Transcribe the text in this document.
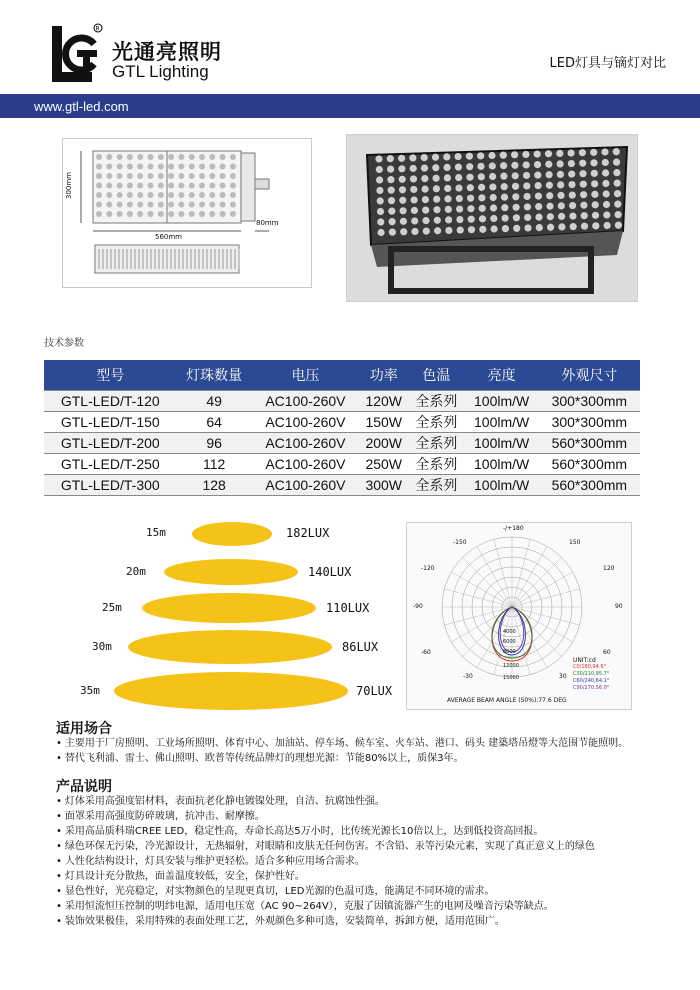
R
光通亮照明
GTL Lighting	LED灯具与镝灯对比
www.gtl-led.com
300mm
560mm
80mm
技术参数
型号	灯珠数量	电压	功率	色温	亮度	外观尺寸
GTL-LED/T-120	49	AC100-260V	120W	全系列	100lm/W	300*300mm
GTL-LED/T-150	64	AC100-260V	150W	全系列	100lm/W	300*300mm
GTL-LED/T-200	96	AC100-260V	200W	全系列	100lm/W	560*300mm
GTL-LED/T-250	112	AC100-260V	250W	全系列	100lm/W	560*300mm
GTL-LED/T-300	128	AC100-260V	300W	全系列	100lm/W	560*300mm
15m	182LUX
20m	140LUX
25m	110LUX
30m	86LUX
35m	70LUX
-/+180
-150	150
-120	120
-90	90
-60	60
-30	30
4000
6000
8000
12000
15000
UNIT:cd
C0/180,94.6°
C30/210,95.7°
C60/240,64.1°
C90/270,56.0°
AVERAGE BEAM ANGLE (50%):77.6 DEG
适用场合
• 主要用于厂房照明、工业场所照明、体育中心、加油站、停车场、候车室、火车站、港口、码头 建築塔吊燈等大范围节能照明。
• 替代飞利浦、雷士、佛山照明、欧普等传统品牌灯的理想光源：节能80%以上，质保3年。
产品说明
• 灯体采用高强度铝材料，表面抗老化静电镀镍处理，自洁、抗腐蚀性强。
• 面罩采用高强度防碎玻璃，抗冲击、耐摩擦。
• 采用高品质科瑞CREE LED，稳定性高，寿命长高达5万小时，比传统光源长10倍以上，达到低投资高回报。
• 绿色环保无污染，冷光源设计，无热辐射，对眼睛和皮肤无任何伤害。不含铅、汞等污染元素，实现了真正意义上的绿色
• 人性化结构设计，灯具安装与维护更轻松。适合多种应用场合需求。
• 灯具设计充分散热，面盖温度较低，安全，保护性好。
• 显色性好，光亮稳定，对实物颜色的呈现更真切，LED光源的色温可选，能满足不同环境的需求。
• 采用恒流恒压控制的明纬电源，适用电压宽（AC 90~264V），克服了因镇流器产生的电网及噪音污染等缺点。
• 装饰效果极佳，采用特殊的表面处理工艺，外观颜色多种可选，安装简单，拆卸方便，适用范围广。
